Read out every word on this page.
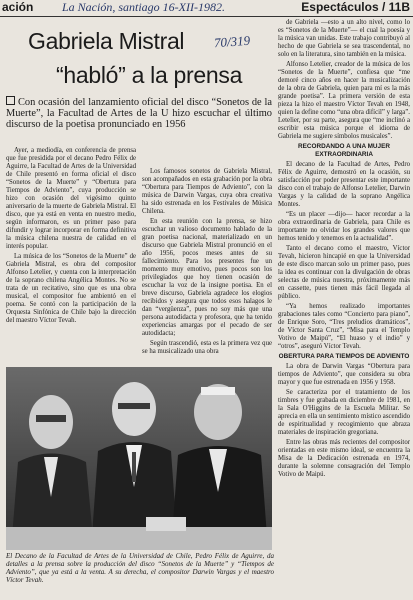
ación La Nación, santiago 16-XII-1982.	Espectáculos / 11B
70/319
Gabriela Mistral
“habló” a la prensa
Con ocasión del lanzamiento oficial del disco “Sonetos de la Muerte”, la Facultad de Artes de la U hizo escuchar el último discurso de la poetisa pronunciado en 1956

Ayer, a mediodía, en conferencia de prensa que fue presidida por el decano Pedro Félix de Aguirre, la Facultad de Artes de la Universidad de Chile presentó en forma oficial el disco “Sonetos de la Muerte” y “Obertura para Tiempos de Adviento”, cuya producción se hizo con ocasión del vigésimo quinto aniversario de la muerte de Gabriela Mistral. El disco, que ya está en venta en nuestro medio, según informaron, es un primer paso para difundir y lograr incorporar en forma definitiva la música chilena nuestra de calidad en el interés popular.

La música de los “Sonetos de la Muerte” de Gabriela Mistral, es obra del compositor Alfonso Letelier, y cuenta con la interpretación de la soprano chilena Angélica Montes. No se trata de un recitativo, sino que es una obra musical, el compositor fue ambientó en el poema. Se contó con la participación de la Orquesta Sinfónica de Chile bajo la dirección del maestro Víctor Tevah.

Los famosos sonetos de Gabriela Mistral, son acompañados en esta grabación por la obra “Obertura para Tiempos de Adviento”, con la música de Darwin Vargas, cuya obra creativa ha sido estrenada en los Festivales de Música Chilena.

En esta reunión con la prensa, se hizo escuchar un valioso documento hablado de la gran poetisa nacional, materializado en un discurso que Gabriela Mistral pronunció en el año 1956, pocos meses antes de su fallecimiento. Para los presentes fue un momento muy emotivo, pues pocos son los privilegiados que hoy tienen ocasión de escuchar la voz de la insigne poetisa. En el breve discurso, Gabriela agradece los elogios recibidos y asegura que todos esos halagos le dan “vergüenza”, pues no soy más que una persona autodidacta y profesora, que ha tenido experiencias amargas por el pecado de ser autodidacta;

Según trascendió, esta es la primera vez que se ha musicalizado una obra

de Gabriela —esto a un alto nivel, como lo es “Sonetos de la Muerte”— el cual la poesía y la música van unidas. Este trabajo contribuyó al hecho de que Gabriela se sea trascendental, no solo en la literatura, sino también en la música.

Alfonso Letelier, creador de la música de los “Sonetos de la Muerte”, confiesa que “me demoré cinco años en hacer la musicalización de la obra de Gabriela, quien para mí es la más grande poetisa”. La primera versión de esta pieza la hizo el maestro Víctor Tevah en 1948, quien la define como “una obra difícil” y larga”. Letelier, por su parte, asegura que “me inclinó a escribir esta música porque el idioma de Gabriela me sugiere símbolos musicales”.

RECORDANDO A UNA MUJER EXTRAORDINARIA

El decano de la Facultad de Artes, Pedro Félix de Aguirre, demostró en la ocasión, su satisfacción por poder presentar este importante disco con el trabajo de Alfonso Letelier, Darwin Vargas y la calidad de la soprano Angélica Montes.

“Es un placer —dijo— hacer recordar a la obra extraordinaria de Gabriela, para Chile es importante no olvidar los grandes valores que hemos tenido y tenemos en la actualidad”.

Tanto el decano como el maestro, Víctor Tevah, hicieron hincapié en que la Universidad de este disco marcan solo un primer paso, pues la idea es continuar con la divulgación de obras selectas de música nuestra, próximamente más en cassette, pues tienen más fácil llegada al público.

“Ya hemos realizado importantes grabaciones tales como “Concierto para piano”, de Enrique Soro, “Tres preludios dramáticos”, de Víctor Santa Cruz”, “Misa para el Templo Votivo de Maipú”, “El huaso y el indio” y “otros”, aseguró Víctor Tevah.

OBERTURA PARA TIEMPOS DE ADVIENTO

La obra de Darwin Vargas “Obertura para tiempos de Adviento”, que considera su obra mayor y que fue estrenada en 1956 y 1958.

Se caracteriza por el tratamiento de los timbres y fue grabada en diciembre de 1981, en la Sala O'Higgins de la Escuela Militar. Se aprecia en ella un sentimiento místico ascendido de espiritualidad y recogimiento que abraza materiales de inspiración gregoriana.

Entre las obras más recientes del compositor orientadas en este mismo ideal, se encuentra la Misa de la Dedicación estrenada en 1974, durante la solemne consagración del Templo Votivo de Maipú.

El Decano de la Facultad de Artes de la Universidad de Chile, Pedro Félix de Aguirre, da detalles a la prensa sobre la producción del disco “Sonetos de la Muerte” y “Tiempos de Adviento”, que ya está a la venta. A su derecha, el compositor Darwin Vargas y el maestro Víctor Tevah.
